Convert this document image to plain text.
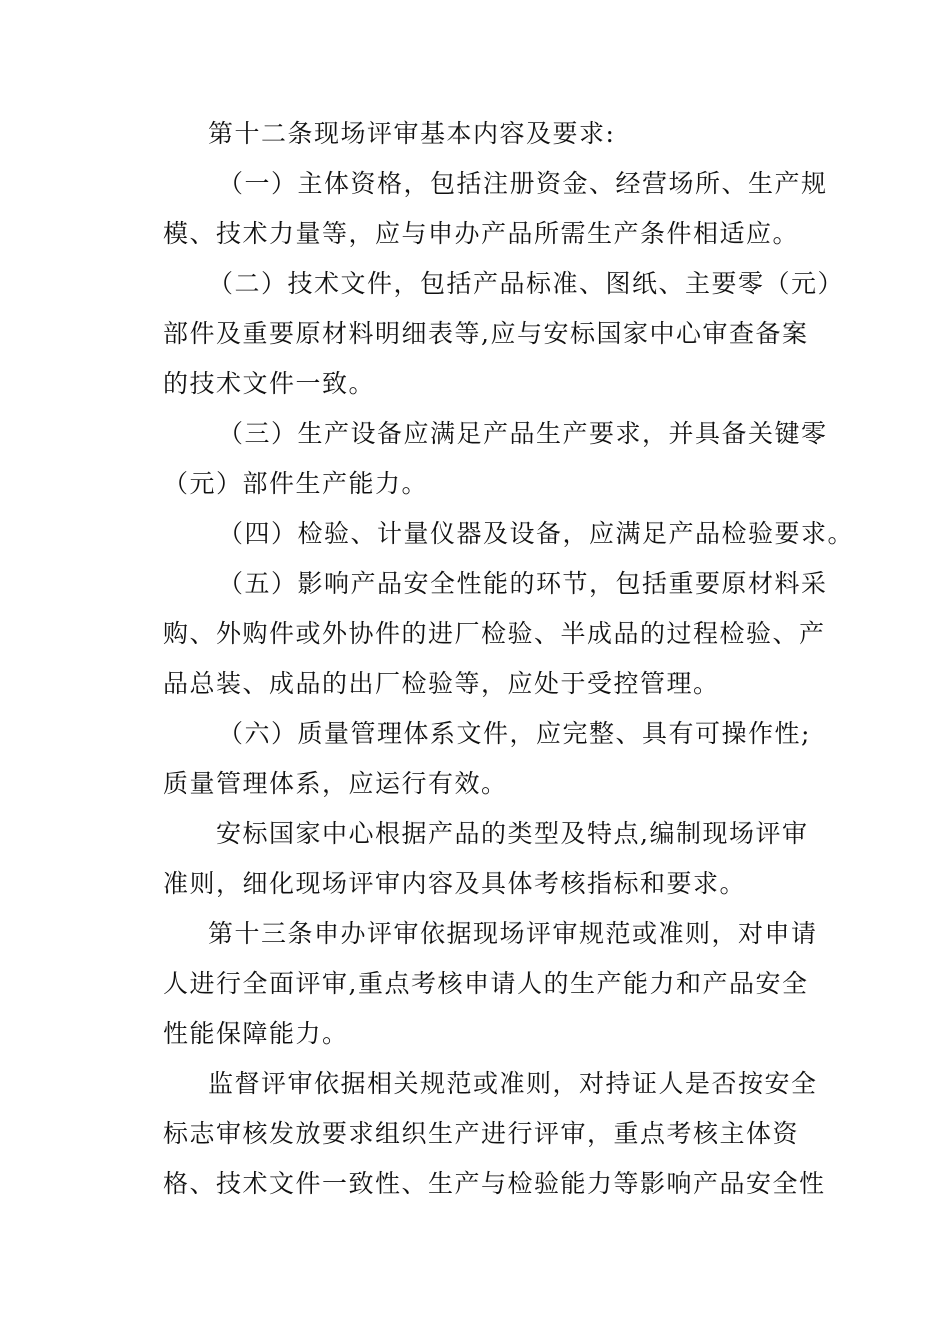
第十二条现场评审基本内容及要求:
（一）主体资格，包括注册资金、经营场所、生产规
模、技术力量等，应与申办产品所需生产条件相适应。
（二）技术文件，包括产品标准、图纸、主要零（元）
部件及重要原材料明细表等,应与安标国家中心审查备案
的技术文件一致。
（三）生产设备应满足产品生产要求，并具备关键零
（元）部件生产能力。
（四）检验、计量仪器及设备，应满足产品检验要求。
（五）影响产品安全性能的环节，包括重要原材料采
购、外购件或外协件的进厂检验、半成品的过程检验、产
品总装、成品的出厂检验等，应处于受控管理。
（六）质量管理体系文件，应完整、具有可操作性;
质量管理体系，应运行有效。
安标国家中心根据产品的类型及特点,编制现场评审
准则，细化现场评审内容及具体考核指标和要求。
第十三条申办评审依据现场评审规范或准则，对申请
人进行全面评审,重点考核申请人的生产能力和产品安全
性能保障能力。
监督评审依据相关规范或准则，对持证人是否按安全
标志审核发放要求组织生产进行评审，重点考核主体资
格、技术文件一致性、生产与检验能力等影响产品安全性
